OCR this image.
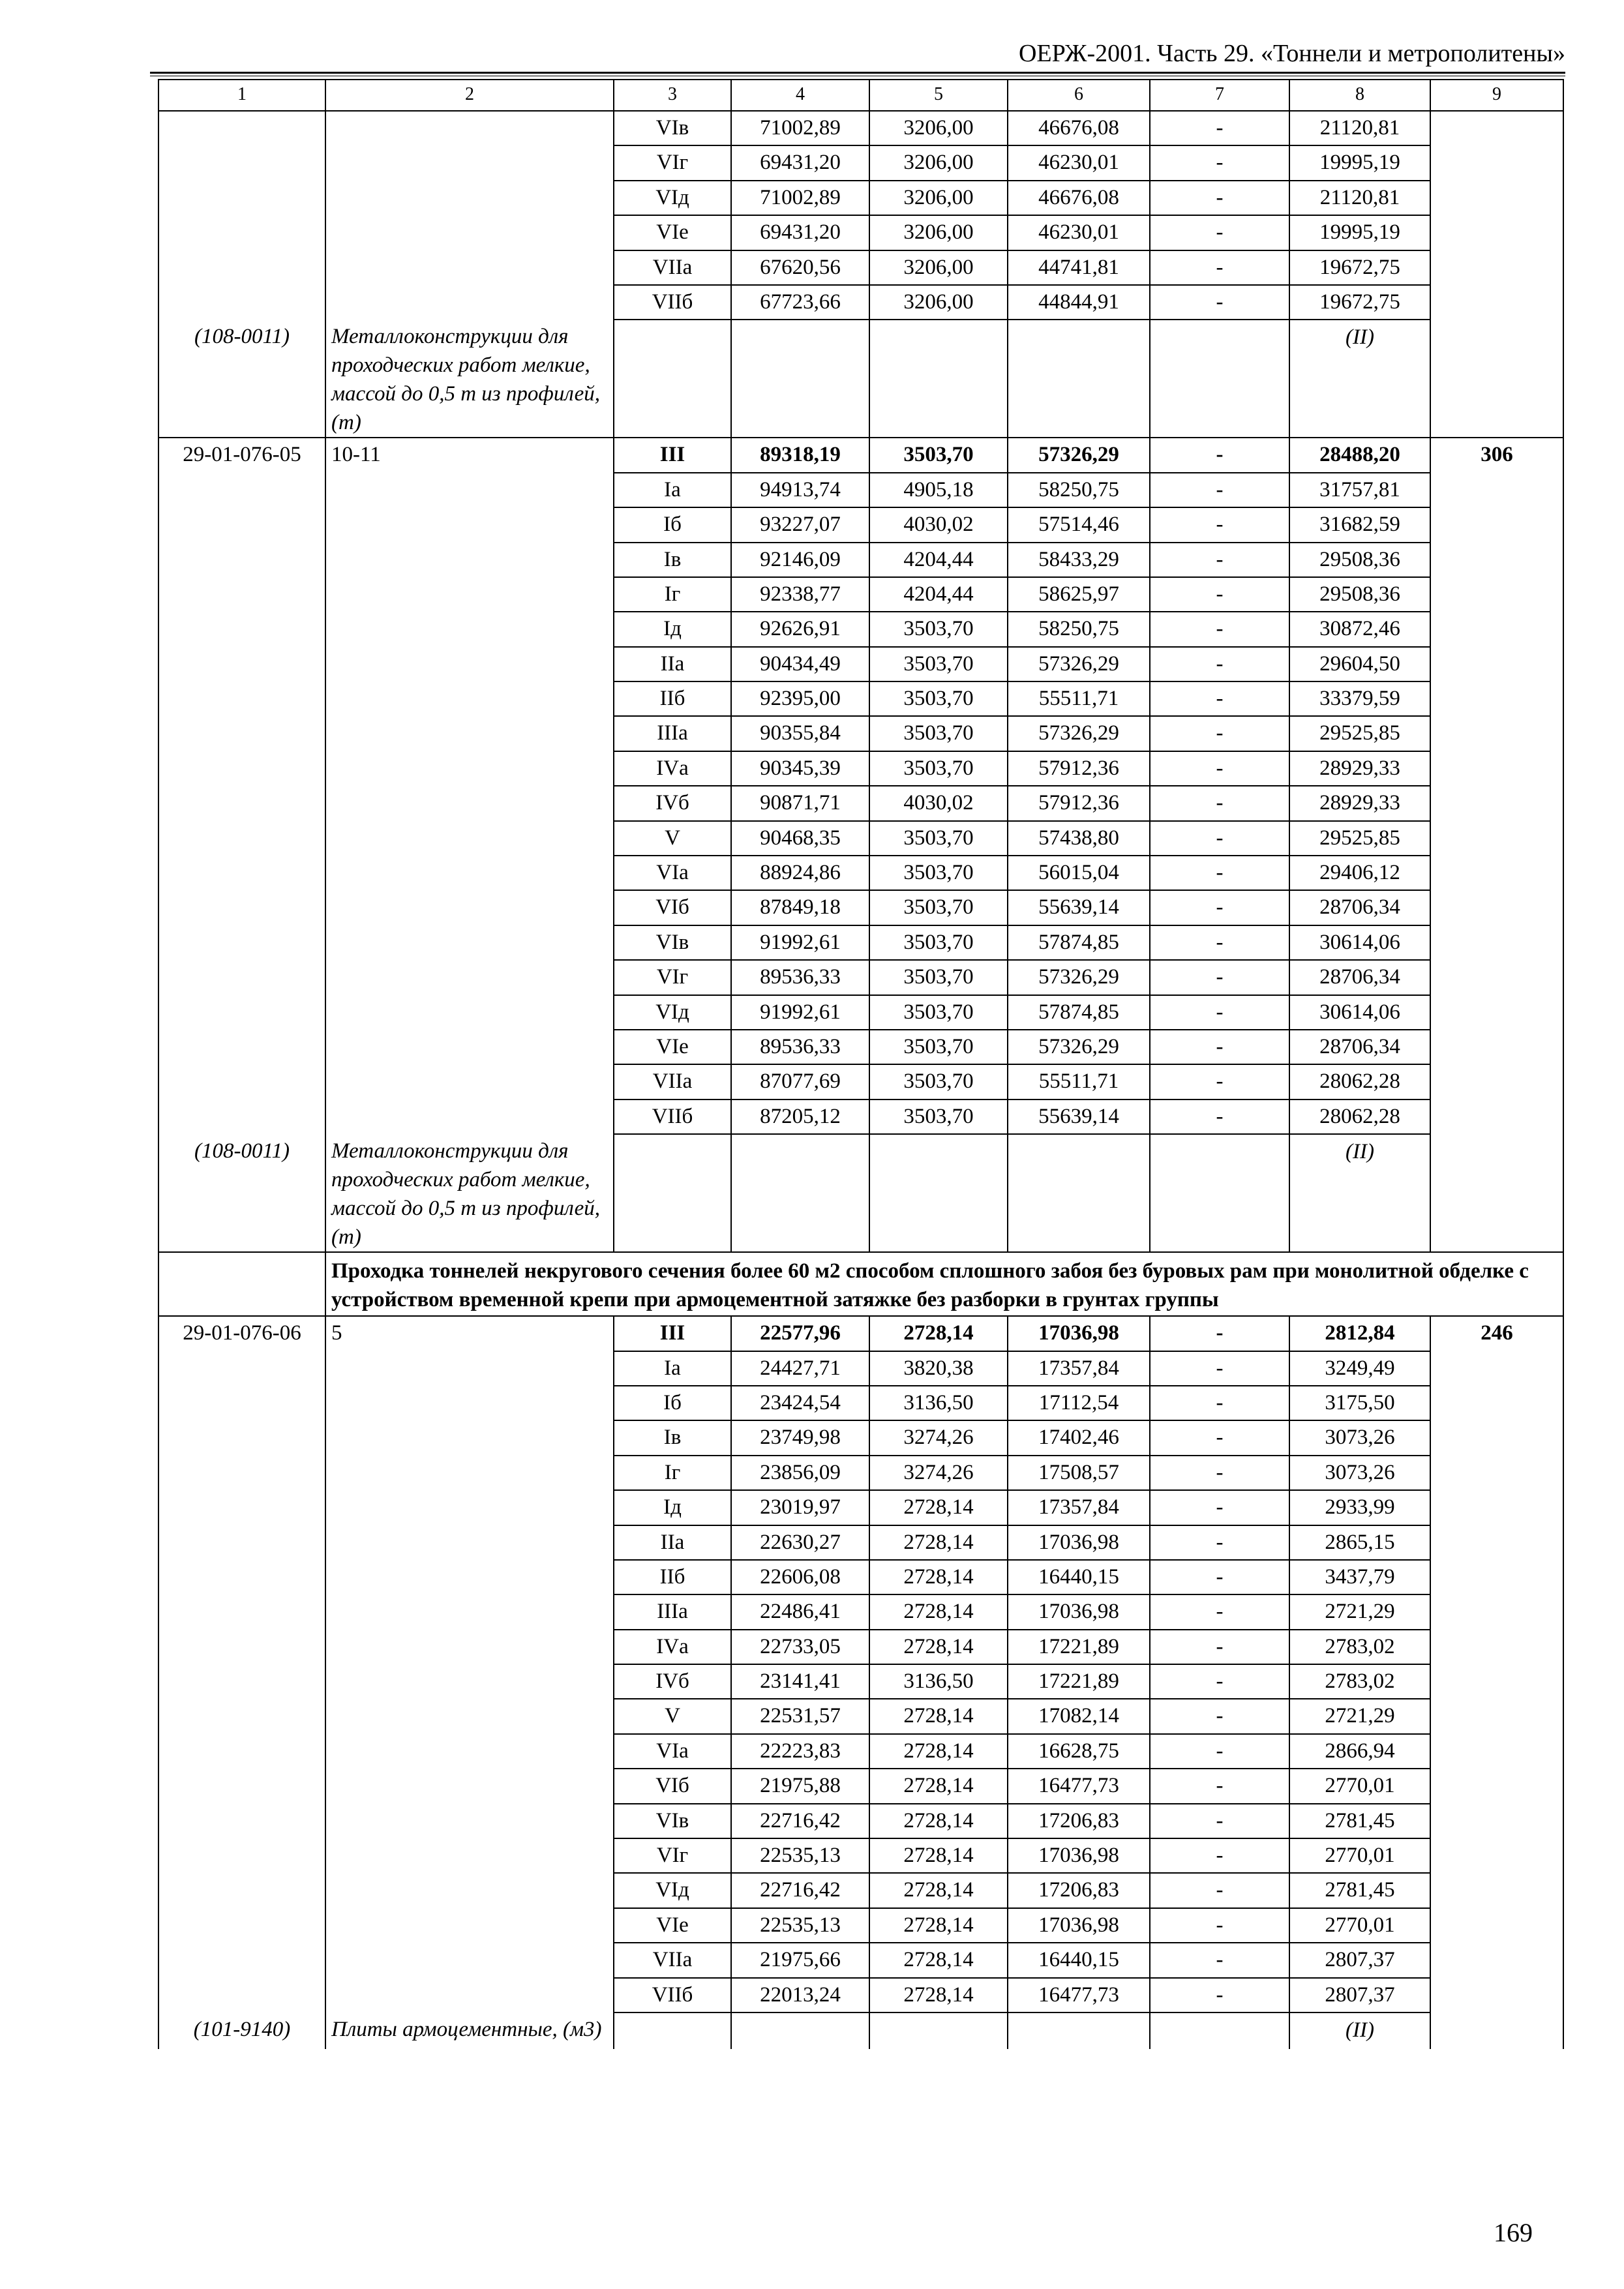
ОЕРЖ-2001. Часть 29. «Тоннели и метрополитены»
1	2	3	4	5	6	7	8	9
		VIв	71002,89	3206,00	46676,08	-	21120,81	
		VIг	69431,20	3206,00	46230,01	-	19995,19	
		VIд	71002,89	3206,00	46676,08	-	21120,81	
		VIе	69431,20	3206,00	46230,01	-	19995,19	
		VIIа	67620,56	3206,00	44741,81	-	19672,75	
		VIIб	67723,66	3206,00	44844,91	-	19672,75	
(108-0011)	Металлоконструкции для проходческих работ мелкие, массой до 0,5 т из профилей, (т)						(II)	
29-01-076-05	10-11	III	89318,19	3503,70	57326,29	-	28488,20	306
		Iа	94913,74	4905,18	58250,75	-	31757,81	
		Iб	93227,07	4030,02	57514,46	-	31682,59	
		Iв	92146,09	4204,44	58433,29	-	29508,36	
		Iг	92338,77	4204,44	58625,97	-	29508,36	
		Iд	92626,91	3503,70	58250,75	-	30872,46	
		IIа	90434,49	3503,70	57326,29	-	29604,50	
		IIб	92395,00	3503,70	55511,71	-	33379,59	
		IIIа	90355,84	3503,70	57326,29	-	29525,85	
		IVа	90345,39	3503,70	57912,36	-	28929,33	
		IVб	90871,71	4030,02	57912,36	-	28929,33	
		V	90468,35	3503,70	57438,80	-	29525,85	
		VIа	88924,86	3503,70	56015,04	-	29406,12	
		VIб	87849,18	3503,70	55639,14	-	28706,34	
		VIв	91992,61	3503,70	57874,85	-	30614,06	
		VIг	89536,33	3503,70	57326,29	-	28706,34	
		VIд	91992,61	3503,70	57874,85	-	30614,06	
		VIе	89536,33	3503,70	57326,29	-	28706,34	
		VIIа	87077,69	3503,70	55511,71	-	28062,28	
		VIIб	87205,12	3503,70	55639,14	-	28062,28	
(108-0011)	Металлоконструкции для проходческих работ мелкие, массой до 0,5 т из профилей, (т)						(II)	
	Проходка тоннелей некругового сечения более 60 м2 способом сплошного забоя без буровых рам при монолитной обделке с устройством временной крепи при армоцементной затяжке без разборки в грунтах группы							
29-01-076-06	5	III	22577,96	2728,14	17036,98	-	2812,84	246
		Iа	24427,71	3820,38	17357,84	-	3249,49	
		Iб	23424,54	3136,50	17112,54	-	3175,50	
		Iв	23749,98	3274,26	17402,46	-	3073,26	
		Iг	23856,09	3274,26	17508,57	-	3073,26	
		Iд	23019,97	2728,14	17357,84	-	2933,99	
		IIа	22630,27	2728,14	17036,98	-	2865,15	
		IIб	22606,08	2728,14	16440,15	-	3437,79	
		IIIа	22486,41	2728,14	17036,98	-	2721,29	
		IVа	22733,05	2728,14	17221,89	-	2783,02	
		IVб	23141,41	3136,50	17221,89	-	2783,02	
		V	22531,57	2728,14	17082,14	-	2721,29	
		VIа	22223,83	2728,14	16628,75	-	2866,94	
		VIб	21975,88	2728,14	16477,73	-	2770,01	
		VIв	22716,42	2728,14	17206,83	-	2781,45	
		VIг	22535,13	2728,14	17036,98	-	2770,01	
		VIд	22716,42	2728,14	17206,83	-	2781,45	
		VIе	22535,13	2728,14	17036,98	-	2770,01	
		VIIа	21975,66	2728,14	16440,15	-	2807,37	
		VIIб	22013,24	2728,14	16477,73	-	2807,37	
(101-9140)	Плиты армоцементные, (м3)						(II)	
169
